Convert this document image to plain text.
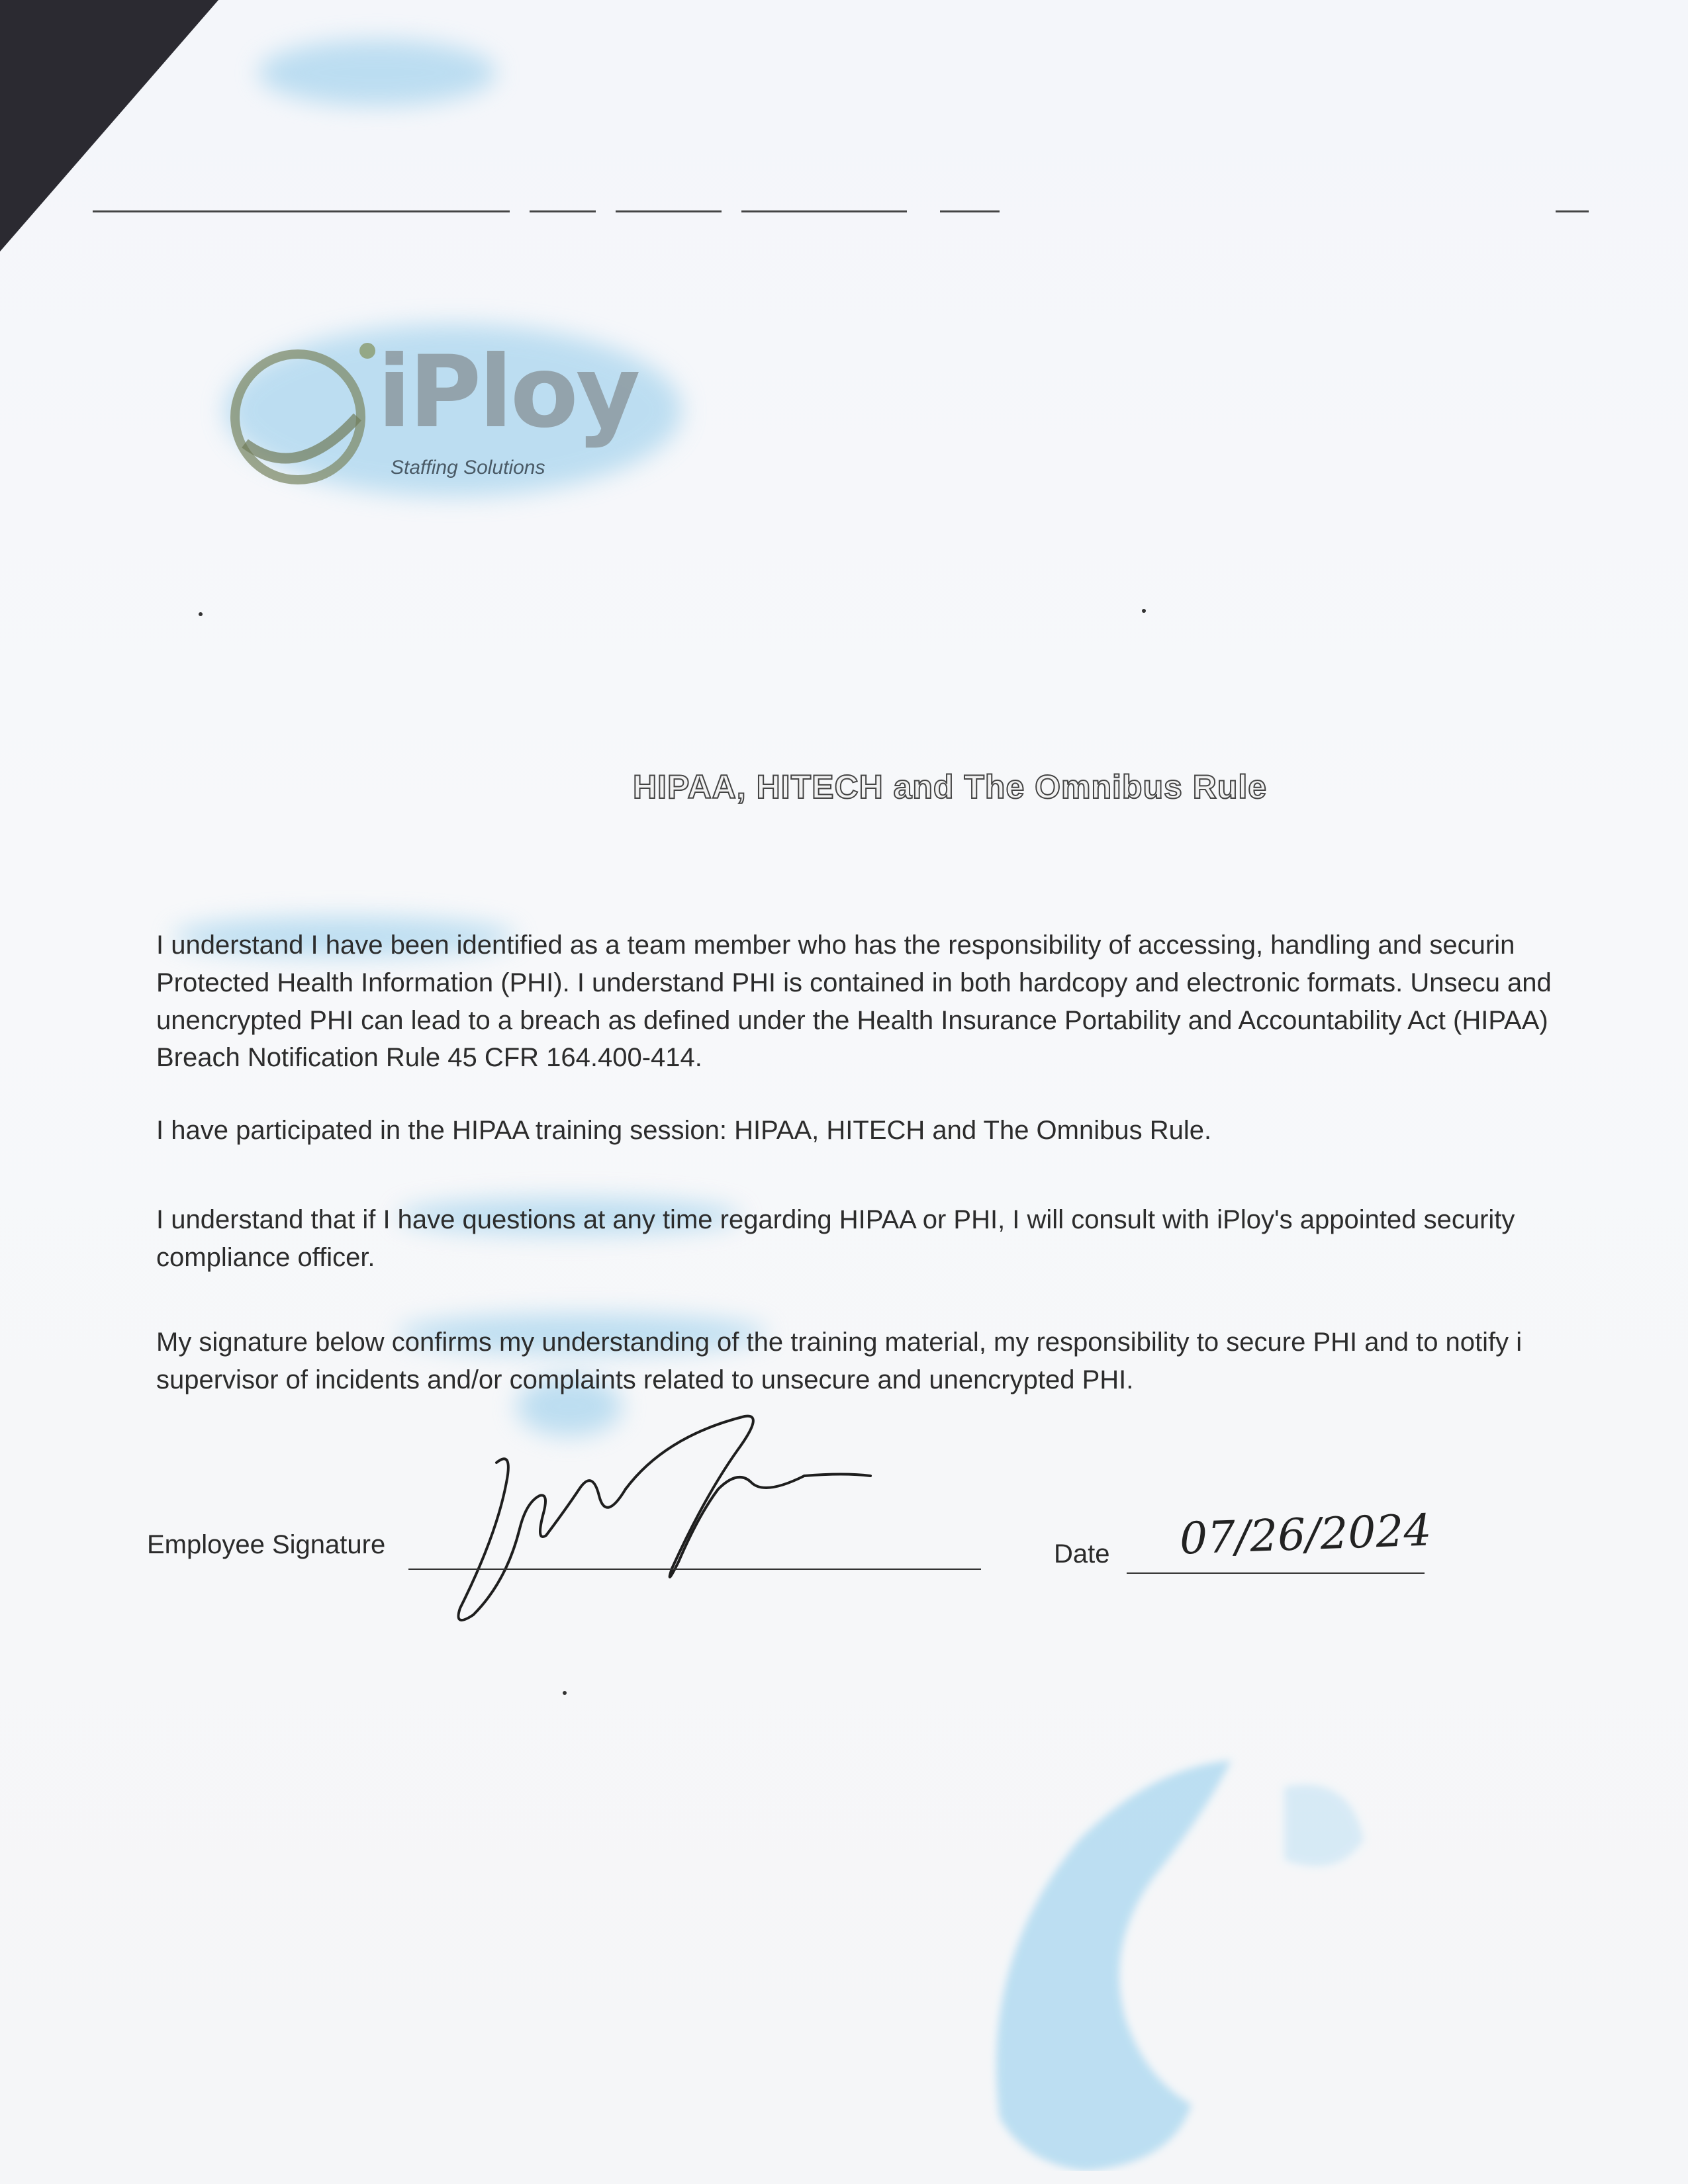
iPloy
Staffing Solutions
HIPAA, HITECH and The Omnibus Rule
I understand I have been identified as a team member who has the responsibility of accessing, handling and securin Protected Health Information (PHI). I understand PHI is contained in both hardcopy and electronic formats. Unsecu and unencrypted PHI can lead to a breach as defined under the Health Insurance Portability and Accountability Act (HIPAA) Breach Notification Rule 45 CFR 164.400-414.
I have participated in the HIPAA training session: HIPAA, HITECH and The Omnibus Rule.
I understand that if I have questions at any time regarding HIPAA or PHI, I will consult with iPloy's appointed security compliance officer.
My signature below confirms my understanding of the training material, my responsibility to secure PHI and to notify i supervisor of incidents and/or complaints related to unsecure and unencrypted PHI.
Employee Signature	Date 07/26/2024
